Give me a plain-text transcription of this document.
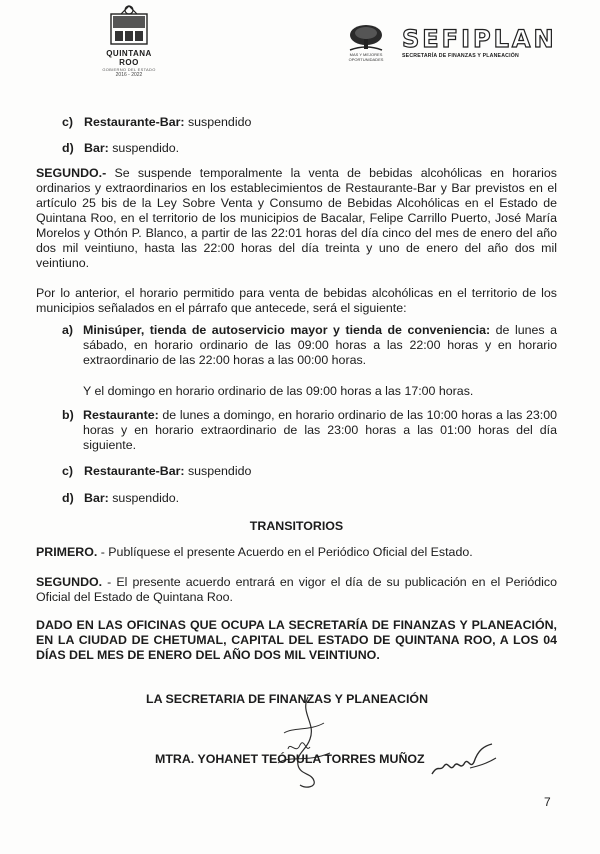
QUINTANA ROO
GOBIERNO DEL ESTADO
2016 - 2022
MAS Y MEJORES OPORTUNIDADES
SEFIPLAN
SECRETARÍA DE FINANZAS Y PLANEACIÓN
c) Restaurante-Bar: suspendido
d) Bar: suspendido.
SEGUNDO.- Se suspende temporalmente la venta de bebidas alcohólicas en horarios ordinarios y extraordinarios en los establecimientos de Restaurante-Bar y Bar previstos en el artículo 25 bis de la Ley Sobre Venta y Consumo de Bebidas Alcohólicas en el Estado de Quintana Roo, en el territorio de los municipios de Bacalar, Felipe Carrillo Puerto, José María Morelos y Othón P. Blanco, a partir de las 22:01 horas del día cinco del mes de enero del año dos mil veintiuno, hasta las 22:00 horas del día treinta y uno de enero del año dos mil veintiuno.
Por lo anterior, el horario permitido para venta de bebidas alcohólicas en el territorio de los municipios señalados en el párrafo que antecede, será el siguiente:
a) Minisúper, tienda de autoservicio mayor y tienda de conveniencia: de lunes a sábado, en horario ordinario de las 09:00 horas a las 22:00 horas y en horario extraordinario de las 22:00 horas a las 00:00 horas.
Y el domingo en horario ordinario de las 09:00 horas a las 17:00 horas.
b) Restaurante: de lunes a domingo, en horario ordinario de las 10:00 horas a las 23:00 horas y en horario extraordinario de las 23:00 horas a las 01:00 horas del día siguiente.
c) Restaurante-Bar: suspendido
d) Bar: suspendido.
TRANSITORIOS
PRIMERO. - Publíquese el presente Acuerdo en el Periódico Oficial del Estado.
SEGUNDO. - El presente acuerdo entrará en vigor el día de su publicación en el Periódico Oficial del Estado de Quintana Roo.
DADO EN LAS OFICINAS QUE OCUPA LA SECRETARÍA DE FINANZAS Y PLANEACIÓN, EN LA CIUDAD DE CHETUMAL, CAPITAL DEL ESTADO DE QUINTANA ROO, A LOS 04 DÍAS DEL MES DE ENERO DEL AÑO DOS MIL VEINTIUNO.
LA SECRETARIA DE FINANZAS Y PLANEACIÓN
MTRA. YOHANET TEÓDULA TORRES MUÑOZ
7
